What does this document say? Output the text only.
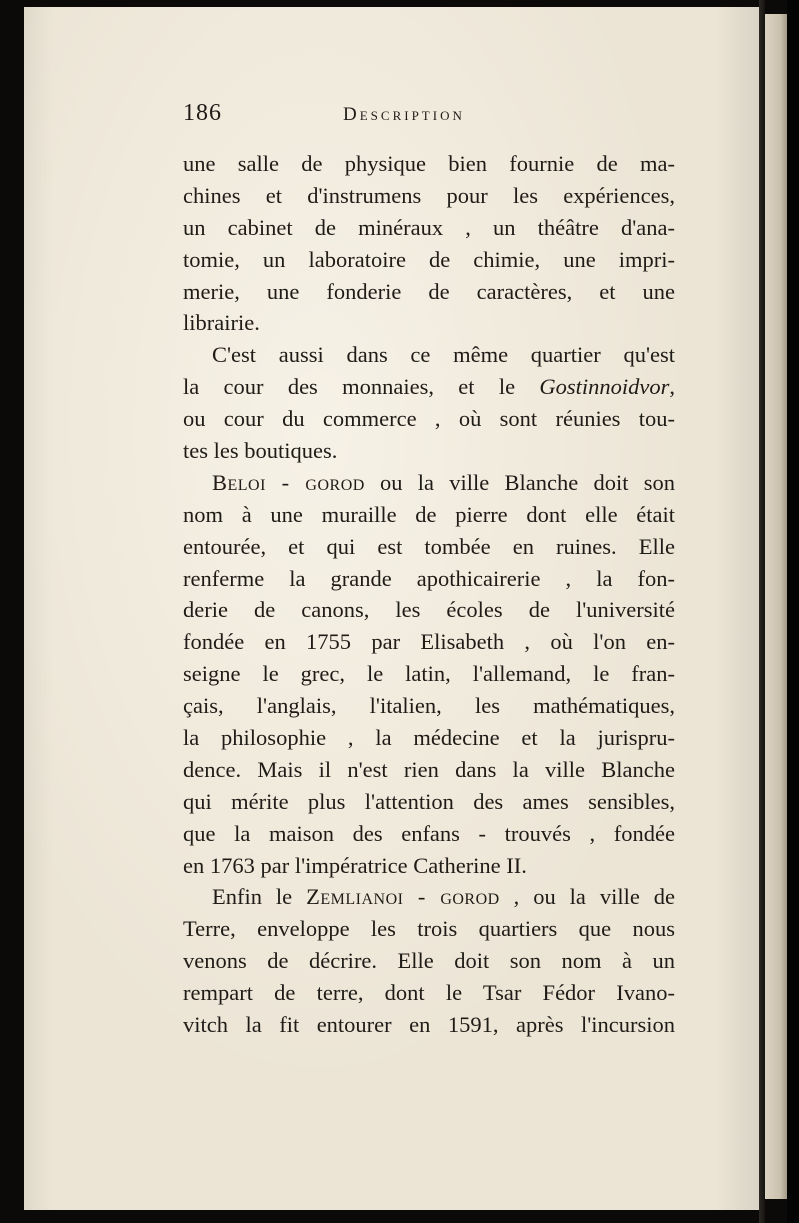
186	Description
une salle de physique bien fournie de ma-
chines et d'instrumens pour les expériences,
un cabinet de minéraux , un théâtre d'ana-
tomie, un laboratoire de chimie, une impri-
merie, une fonderie de caractères, et une
librairie.
C'est aussi dans ce même quartier qu'est
la cour des monnaies, et le Gostinnoidvor,
ou cour du commerce , où sont réunies tou-
tes les boutiques.
Beloi - gorod ou la ville Blanche doit son
nom à une muraille de pierre dont elle était
entourée, et qui est tombée en ruines. Elle
renferme la grande apothicairerie , la fon-
derie de canons, les écoles de l'université
fondée en 1755 par Elisabeth , où l'on en-
seigne le grec, le latin, l'allemand, le fran-
çais, l'anglais, l'italien, les mathématiques,
la philosophie , la médecine et la jurispru-
dence. Mais il n'est rien dans la ville Blanche
qui mérite plus l'attention des ames sensibles,
que la maison des enfans - trouvés , fondée
en 1763 par l'impératrice Catherine II.
Enfin le Zemlianoi - gorod , ou la ville de
Terre, enveloppe les trois quartiers que nous
venons de décrire. Elle doit son nom à un
rempart de terre, dont le Tsar Fédor Ivano-
vitch la fit entourer en 1591, après l'incursion
